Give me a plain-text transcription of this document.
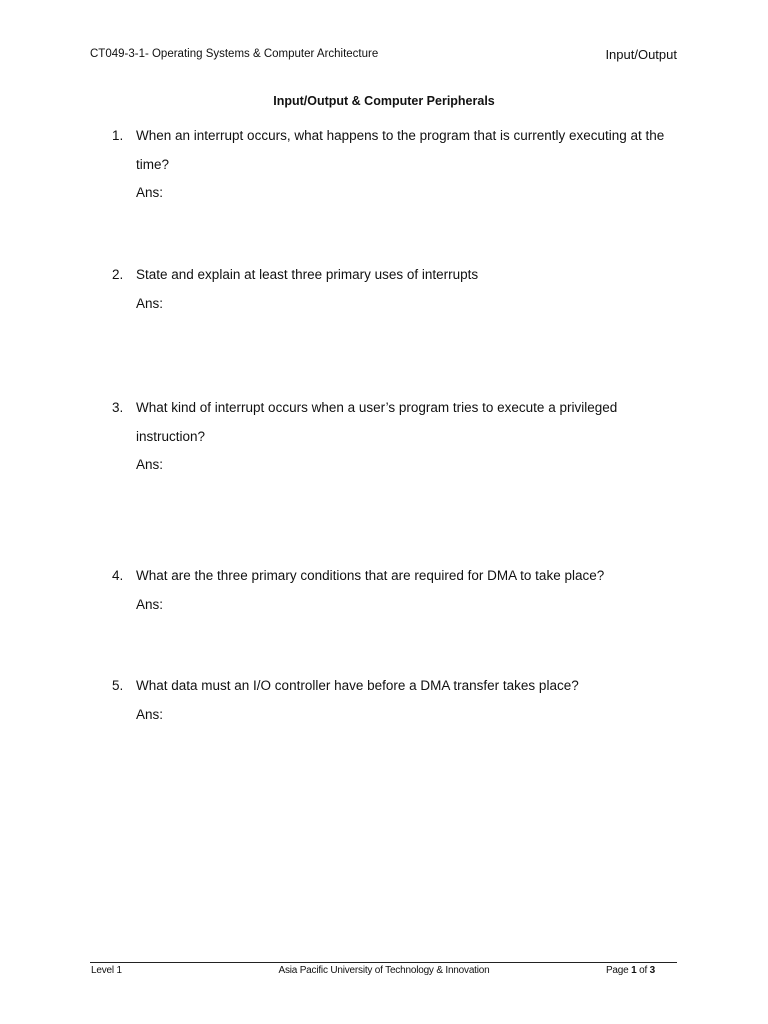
CT049-3-1- Operating Systems & Computer Architecture	Input/Output
Input/Output & Computer Peripherals
1. When an interrupt occurs, what happens to the program that is currently executing at the time?
Ans:
2. State and explain at least three primary uses of interrupts
Ans:
3. What kind of interrupt occurs when a user’s program tries to execute a privileged instruction?
Ans:
4. What are the three primary conditions that are required for DMA to take place?
Ans:
5. What data must an I/O controller have before a DMA transfer takes place?
Ans:
Level 1	Asia Pacific University of Technology & Innovation	Page 1 of 3
